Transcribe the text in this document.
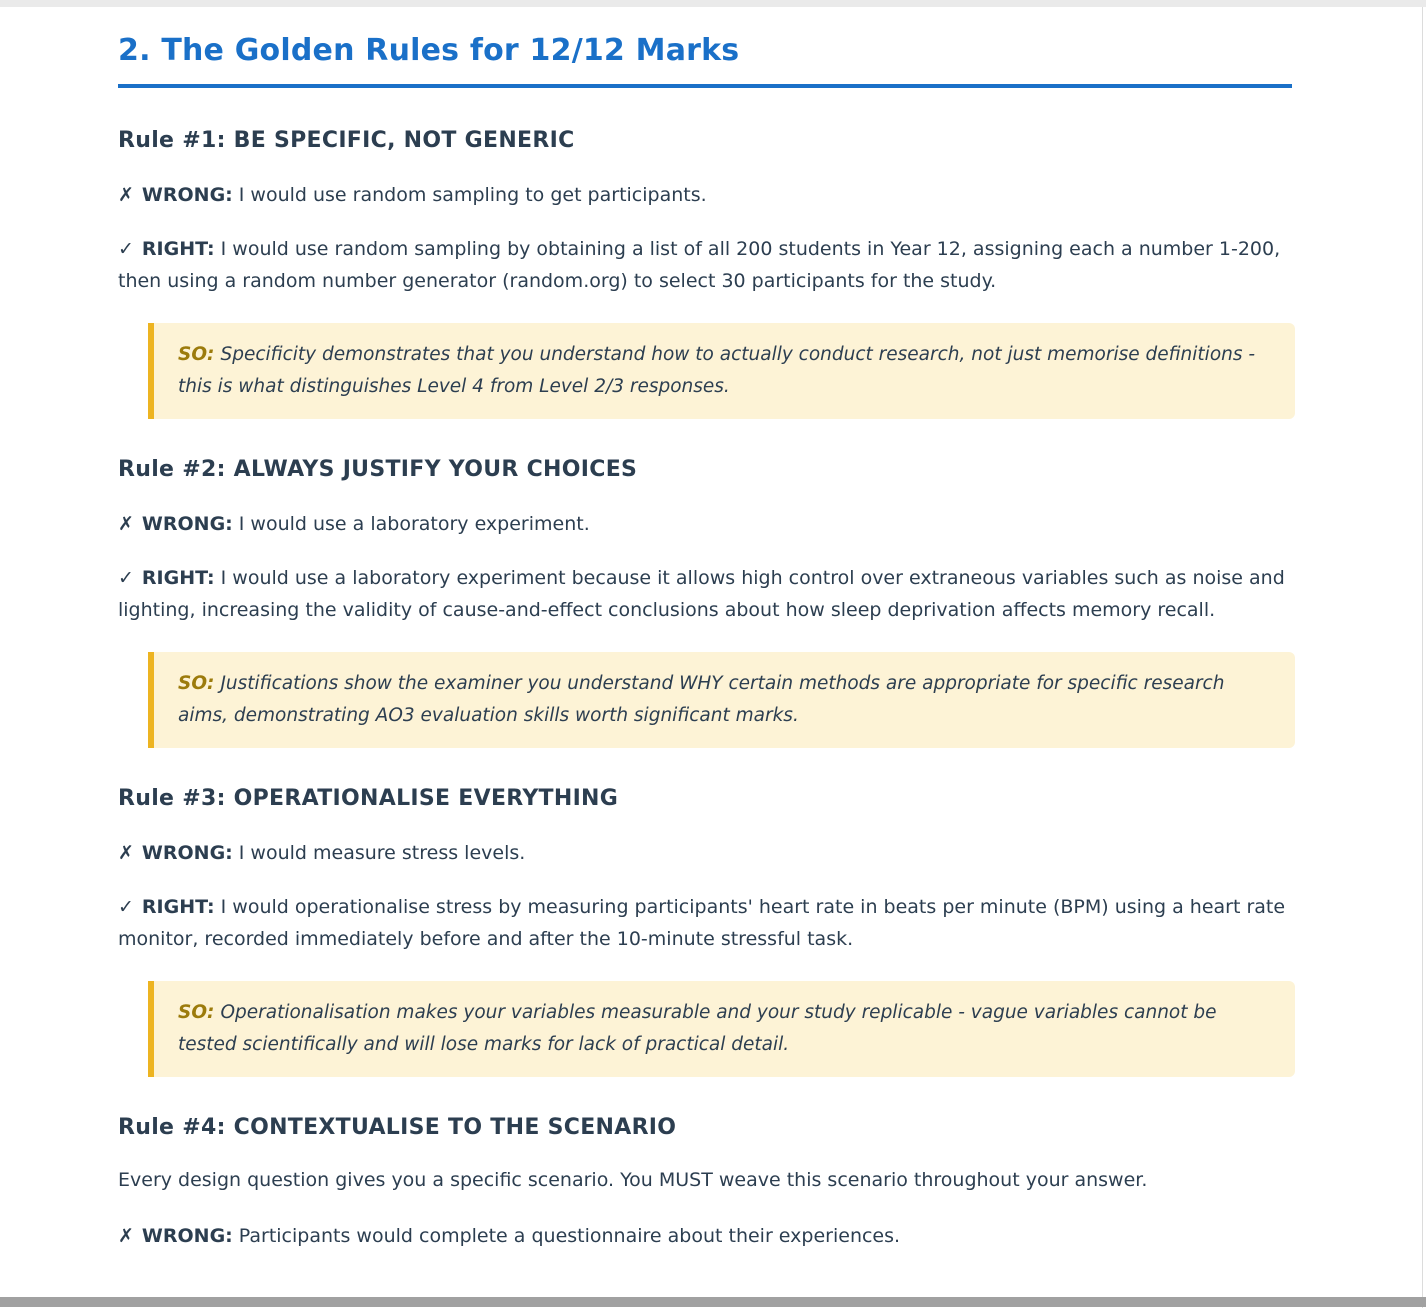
2. The Golden Rules for 12/12 Marks
Rule #1: BE SPECIFIC, NOT GENERIC

✗ WRONG: I would use random sampling to get participants.

✓ RIGHT: I would use random sampling by obtaining a list of all 200 students in Year 12, assigning each a number 1-200, then using a random number generator (random.org) to select 30 participants for the study.

SO: Specificity demonstrates that you understand how to actually conduct research, not just memorise definitions - this is what distinguishes Level 4 from Level 2/3 responses.
Rule #2: ALWAYS JUSTIFY YOUR CHOICES

✗ WRONG: I would use a laboratory experiment.

✓ RIGHT: I would use a laboratory experiment because it allows high control over extraneous variables such as noise and lighting, increasing the validity of cause-and-effect conclusions about how sleep deprivation affects memory recall.

SO: Justifications show the examiner you understand WHY certain methods are appropriate for specific research aims, demonstrating AO3 evaluation skills worth significant marks.
Rule #3: OPERATIONALISE EVERYTHING

✗ WRONG: I would measure stress levels.

✓ RIGHT: I would operationalise stress by measuring participants' heart rate in beats per minute (BPM) using a heart rate monitor, recorded immediately before and after the 10-minute stressful task.

SO: Operationalisation makes your variables measurable and your study replicable - vague variables cannot be tested scientifically and will lose marks for lack of practical detail.
Rule #4: CONTEXTUALISE TO THE SCENARIO

Every design question gives you a specific scenario. You MUST weave this scenario throughout your answer.

✗ WRONG: Participants would complete a questionnaire about their experiences.
